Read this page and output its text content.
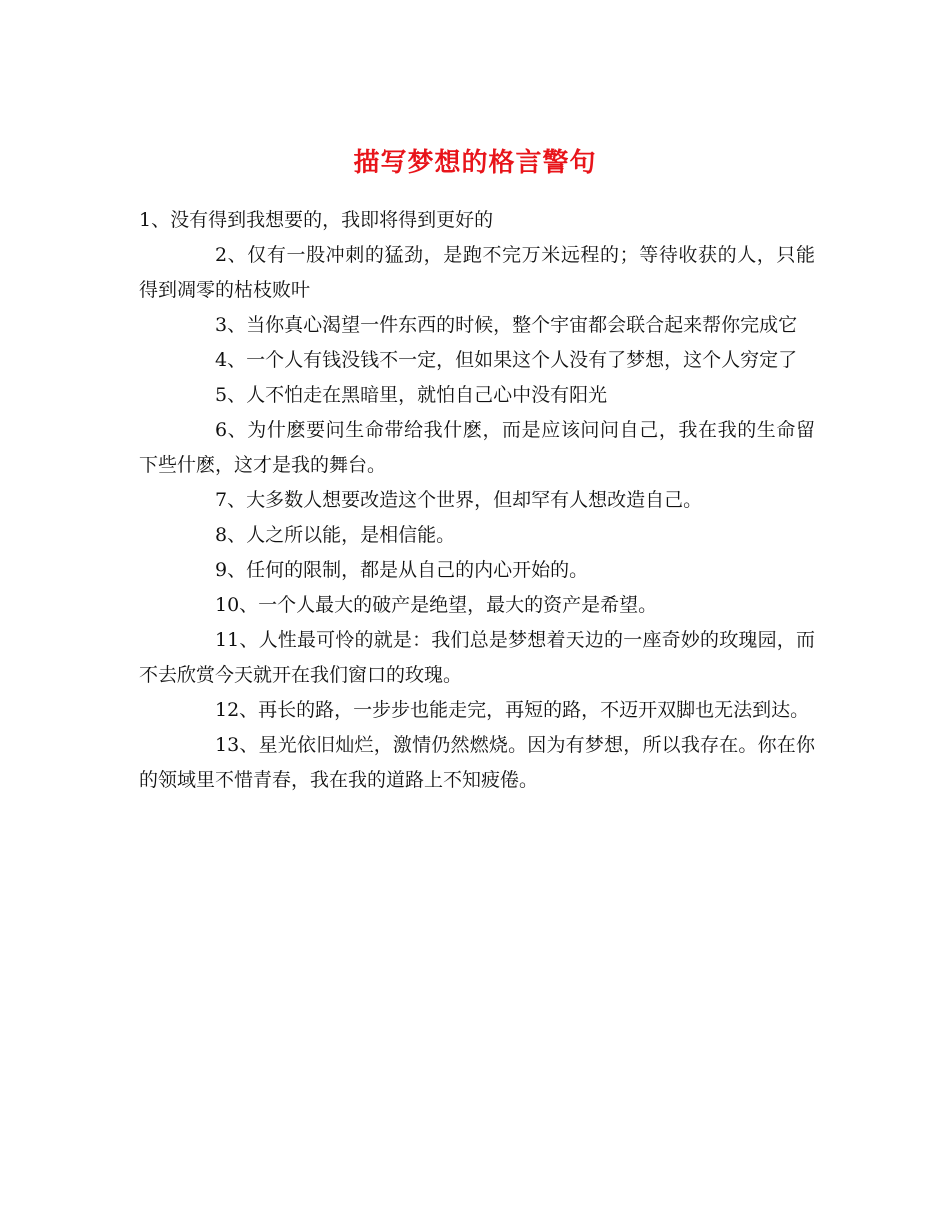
描写梦想的格言警句

1、没有得到我想要的，我即将得到更好的

2、仅有一股冲刺的猛劲，是跑不完万米远程的；等待收获的人，只能得到凋零的枯枝败叶

3、当你真心渴望一件东西的时候，整个宇宙都会联合起来帮你完成它

4、一个人有钱没钱不一定，但如果这个人没有了梦想，这个人穷定了

5、人不怕走在黑暗里，就怕自己心中没有阳光

6、为什麽要问生命带给我什麽，而是应该问问自己，我在我的生命留下些什麽，这才是我的舞台。

7、大多数人想要改造这个世界，但却罕有人想改造自己。

8、人之所以能，是相信能。

9、任何的限制，都是从自己的内心开始的。

10、一个人最大的破产是绝望，最大的资产是希望。

11、人性最可怜的就是：我们总是梦想着天边的一座奇妙的玫瑰园，而不去欣赏今天就开在我们窗口的玫瑰。

12、再长的路，一步步也能走完，再短的路，不迈开双脚也无法到达。

13、星光依旧灿烂，激情仍然燃烧。因为有梦想，所以我存在。你在你的领域里不惜青春，我在我的道路上不知疲倦。
